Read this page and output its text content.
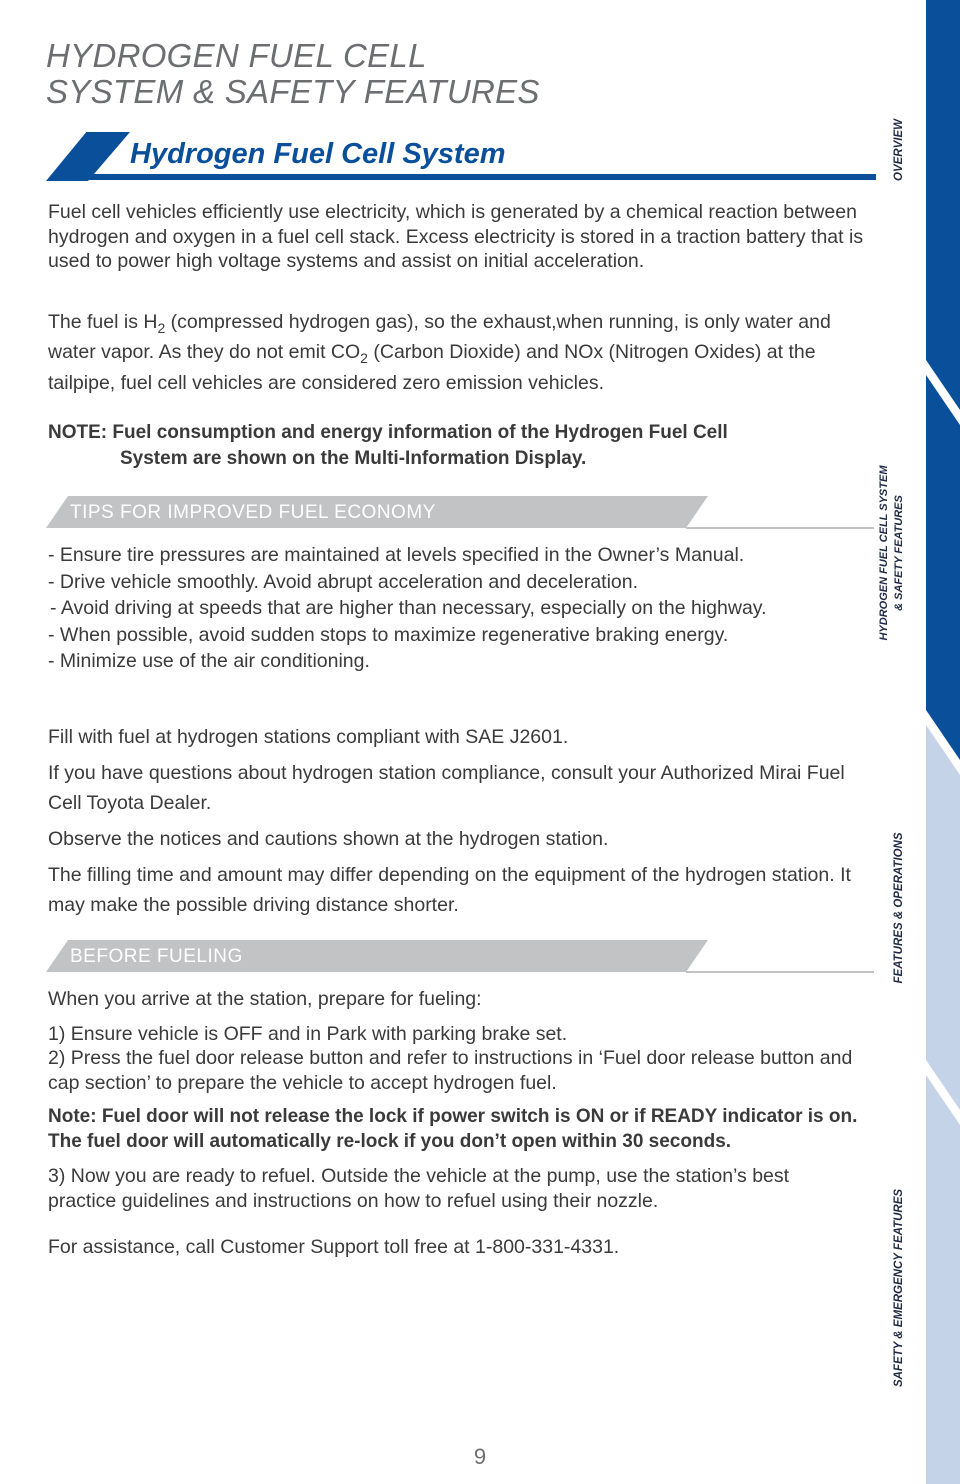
HYDROGEN FUEL CELL
SYSTEM & SAFETY FEATURES
Hydrogen Fuel Cell System

Fuel cell vehicles efficiently use electricity, which is generated by a chemical reaction between hydrogen and oxygen in a fuel cell stack. Excess electricity is stored in a traction battery that is used to power high voltage systems and assist on initial acceleration.

The fuel is $H_2$ (compressed hydrogen gas), so the exhaust,when running, is only water and water vapor. As they do not emit $CO_2$ (Carbon Dioxide) and NOx (Nitrogen Oxides) at the tailpipe, fuel cell vehicles are considered zero emission vehicles.

NOTE: Fuel consumption and energy information of the Hydrogen Fuel Cell
System are shown on the Multi-Information Display.
TIPS FOR IMPROVED FUEL ECONOMY

- Ensure tire pressures are maintained at levels specified in the Owner’s Manual.

- Drive vehicle smoothly. Avoid abrupt acceleration and deceleration.

- Avoid driving at speeds that are higher than necessary, especially on the highway.

- When possible, avoid sudden stops to maximize regenerative braking energy.

- Minimize use of the air conditioning.

Fill with fuel at hydrogen stations compliant with SAE J2601.

If you have questions about hydrogen station compliance, consult your Authorized Mirai Fuel Cell Toyota Dealer.

Observe the notices and cautions shown at the hydrogen station.

The filling time and amount may differ depending on the equipment of the hydrogen station. It may make the possible driving distance shorter.

BEFORE FUELING

When you arrive at the station, prepare for fueling:

1) Ensure vehicle is OFF and in Park with parking brake set.

2) Press the fuel door release button and refer to instructions in ‘Fuel door release button and cap section’ to prepare the vehicle to accept hydrogen fuel.

Note: Fuel door will not release the lock if power switch is ON or if READY indicator is on. The fuel door will automatically re-lock if you don’t open within 30 seconds.

3) Now you are ready to refuel. Outside the vehicle at the pump, use the station’s best practice guidelines and instructions on how to refuel using their nozzle.

For assistance, call Customer Support toll free at 1-800-331-4331.

9
OVERVIEW
HYDROGEN FUEL CELL SYSTEM & SAFETY FEATURES
FEATURES & OPERATIONS
SAFETY & EMERGENCY FEATURES
